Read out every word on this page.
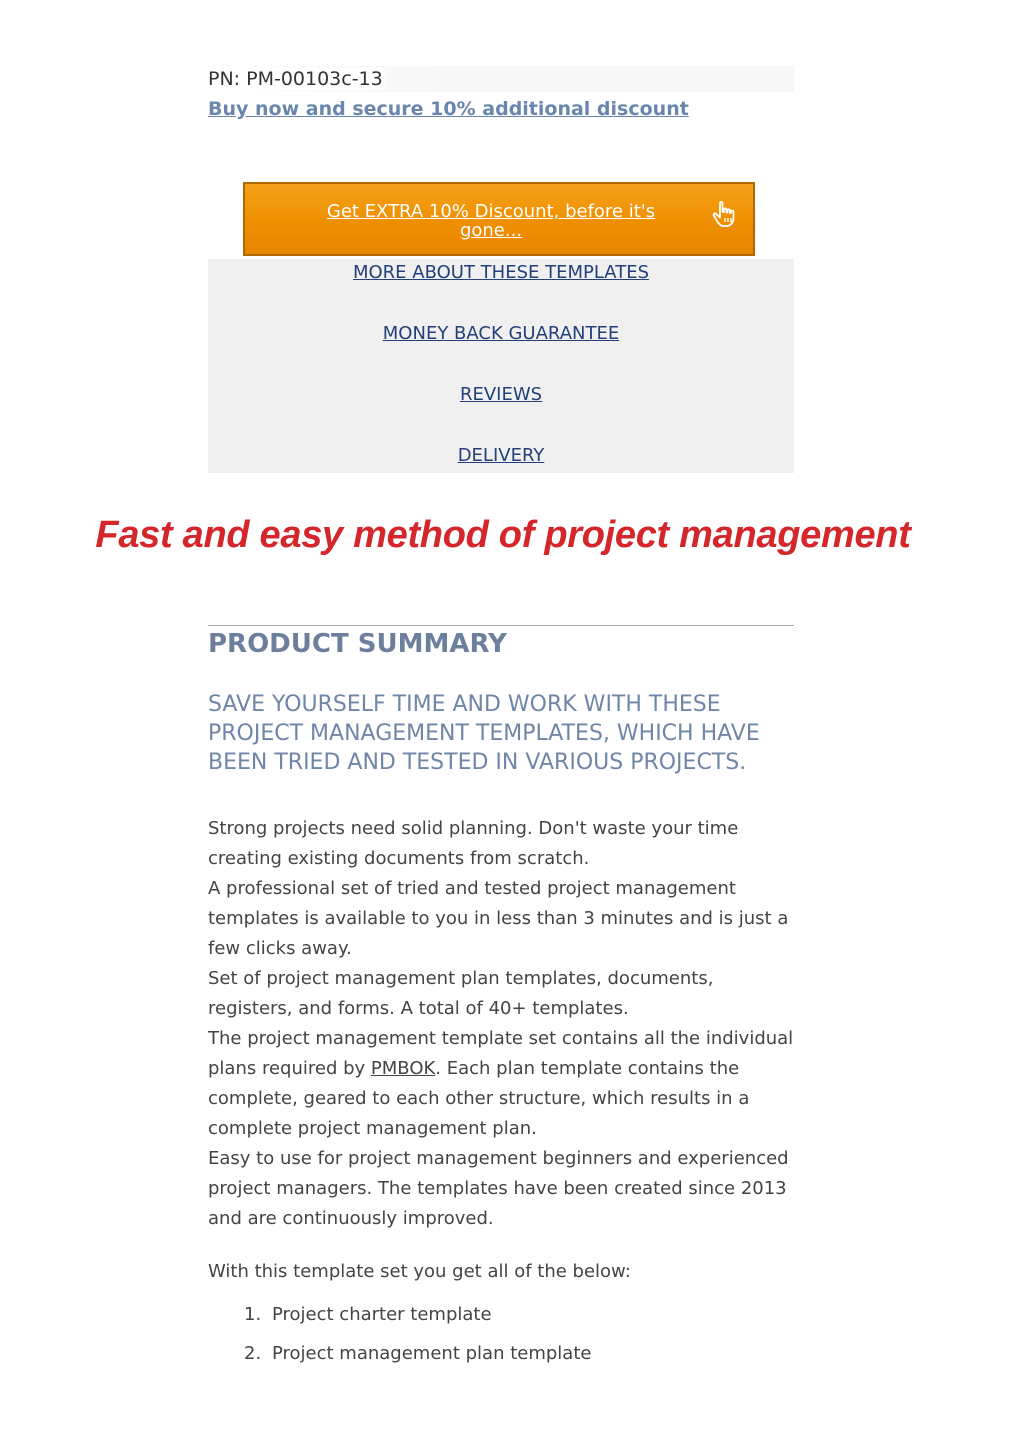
PN: PM-00103c-13
Buy now and secure 10% additional discount
Get EXTRA 10% Discount, before it's gone...
MORE ABOUT THESE TEMPLATES
MONEY BACK GUARANTEE
REVIEWS
DELIVERY
Fast and easy method of project management
PRODUCT SUMMARY
SAVE YOURSELF TIME AND WORK WITH THESE PROJECT MANAGEMENT TEMPLATES, WHICH HAVE BEEN TRIED AND TESTED IN VARIOUS PROJECTS.

Strong projects need solid planning. Don't waste your time creating existing documents from scratch.

A professional set of tried and tested project management templates is available to you in less than 3 minutes and is just a few clicks away.

Set of project management plan templates, documents, registers, and forms. A total of 40+ templates.

The project management template set contains all the individual plans required by PMBOK. Each plan template contains the complete, geared to each other structure, which results in a complete project management plan.

Easy to use for project management beginners and experienced project managers. The templates have been created since 2013 and are continuously improved.

With this template set you get all of the below:
1. Project charter template
2. Project management plan template
